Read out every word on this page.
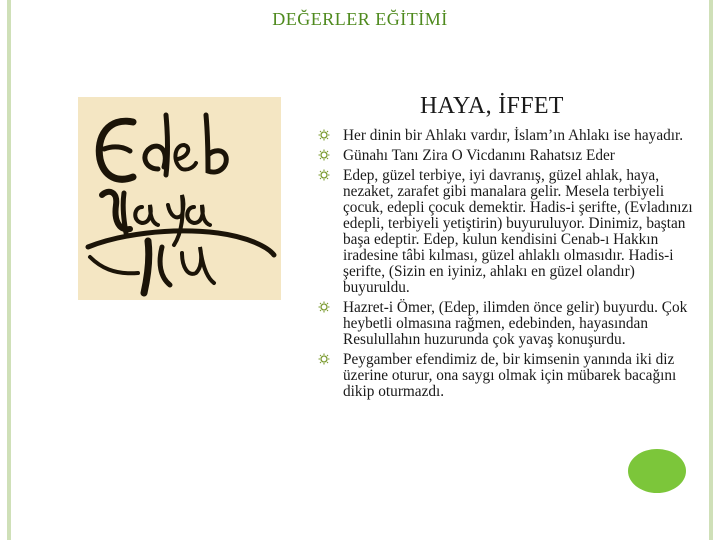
DEĞERLER EĞİTİMİ
HAYA, İFFET
Her dinin bir Ahlakı vardır, İslam’ın Ahlakı ise hayadır.
Günahı Tanı Zira O Vicdanını Rahatsız Eder
Edep, güzel terbiye, iyi davranış, güzel ahlak, haya, nezaket, zarafet gibi manalara gelir. Mesela terbiyeli çocuk, edepli çocuk demektir. Hadis-i şerifte, (Evladınızı edepli, terbiyeli yetiştirin) buyuruluyor. Dinimiz, baştan başa edeptir. Edep, kulun kendisini Cenab-ı Hakkın iradesine tâbi kılması, güzel ahlaklı olmasıdır. Hadis-i şerifte, (Sizin en iyiniz, ahlakı en güzel olandır) buyuruldu.
Hazret-i Ömer, (Edep, ilimden önce gelir) buyurdu. Çok heybetli olmasına rağmen, edebinden, hayasından Resulullahın huzurunda çok yavaş konuşurdu.
Peygamber efendimiz de, bir kimsenin yanında iki diz üzerine oturur, ona saygı olmak için mübarek bacağını dikip oturmazdı.
